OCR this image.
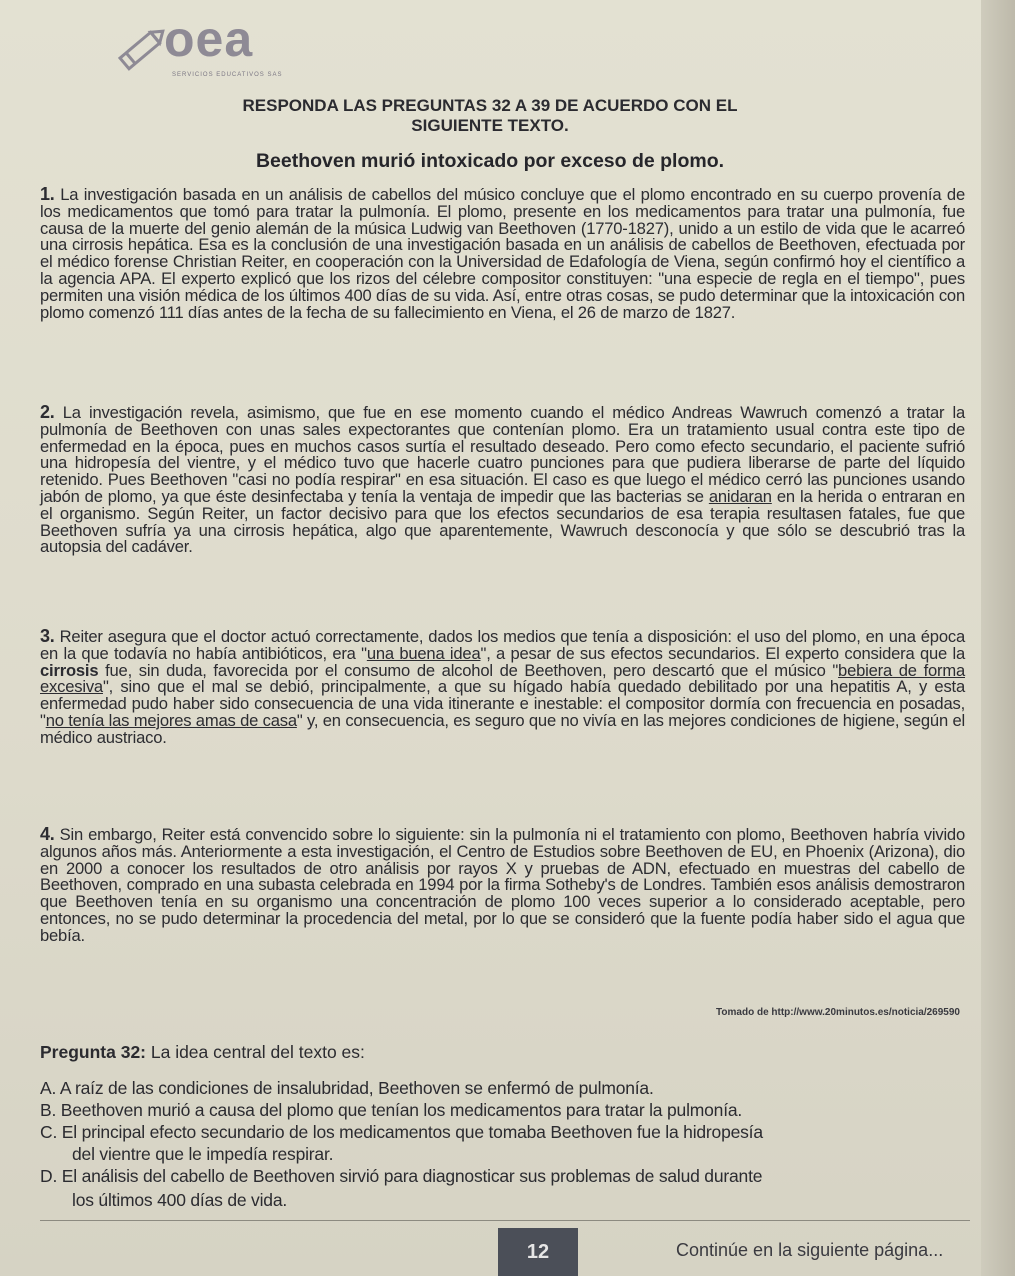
oea
SERVICIOS EDUCATIVOS SAS
RESPONDA LAS PREGUNTAS 32 A 39 DE ACUERDO CON EL
SIGUIENTE TEXTO.
Beethoven murió intoxicado por exceso de plomo.
1. La investigación basada en un análisis de cabellos del músico concluye que el plomo encontrado en su cuerpo provenía de los medicamentos que tomó para tratar la pulmonía. El plomo, presente en los medicamentos para tratar una pulmonía, fue causa de la muerte del genio alemán de la música Ludwig van Beethoven (1770-1827), unido a un estilo de vida que le acarreó una cirrosis hepática. Esa es la conclusión de una investigación basada en un análisis de cabellos de Beethoven, efectuada por el médico forense Christian Reiter, en cooperación con la Universidad de Edafología de Viena, según confirmó hoy el científico a la agencia APA. El experto explicó que los rizos del célebre compositor constituyen: "una especie de regla en el tiempo", pues permiten una visión médica de los últimos 400 días de su vida. Así, entre otras cosas, se pudo determinar que la intoxicación con plomo comenzó 111 días antes de la fecha de su fallecimiento en Viena, el 26 de marzo de 1827.
2. La investigación revela, asimismo, que fue en ese momento cuando el médico Andreas Wawruch comenzó a tratar la pulmonía de Beethoven con unas sales expectorantes que contenían plomo. Era un tratamiento usual contra este tipo de enfermedad en la época, pues en muchos casos surtía el resultado deseado. Pero como efecto secundario, el paciente sufrió una hidropesía del vientre, y el médico tuvo que hacerle cuatro punciones para que pudiera liberarse de parte del líquido retenido. Pues Beethoven "casi no podía respirar" en esa situación. El caso es que luego el médico cerró las punciones usando jabón de plomo, ya que éste desinfectaba y tenía la ventaja de impedir que las bacterias se anidaran en la herida o entraran en el organismo. Según Reiter, un factor decisivo para que los efectos secundarios de esa terapia resultasen fatales, fue que Beethoven sufría ya una cirrosis hepática, algo que aparentemente, Wawruch desconocía y que sólo se descubrió tras la autopsia del cadáver.
3. Reiter asegura que el doctor actuó correctamente, dados los medios que tenía a disposición: el uso del plomo, en una época en la que todavía no había antibióticos, era "una buena idea", a pesar de sus efectos secundarios. El experto considera que la cirrosis fue, sin duda, favorecida por el consumo de alcohol de Beethoven, pero descartó que el músico "bebiera de forma excesiva", sino que el mal se debió, principalmente, a que su hígado había quedado debilitado por una hepatitis A, y esta enfermedad pudo haber sido consecuencia de una vida itinerante e inestable: el compositor dormía con frecuencia en posadas, "no tenía las mejores amas de casa" y, en consecuencia, es seguro que no vivía en las mejores condiciones de higiene, según el médico austriaco.
4. Sin embargo, Reiter está convencido sobre lo siguiente: sin la pulmonía ni el tratamiento con plomo, Beethoven habría vivido algunos años más. Anteriormente a esta investigación, el Centro de Estudios sobre Beethoven de EU, en Phoenix (Arizona), dio en 2000 a conocer los resultados de otro análisis por rayos X y pruebas de ADN, efectuado en muestras del cabello de Beethoven, comprado en una subasta celebrada en 1994 por la firma Sotheby's de Londres. También esos análisis demostraron que Beethoven tenía en su organismo una concentración de plomo 100 veces superior a lo considerado aceptable, pero entonces, no se pudo determinar la procedencia del metal, por lo que se consideró que la fuente podía haber sido el agua que bebía.
Tomado de http://www.20minutos.es/noticia/269590
Pregunta 32: La idea central del texto es:
A. A raíz de las condiciones de insalubridad, Beethoven se enfermó de pulmonía.
B. Beethoven murió a causa del plomo que tenían los medicamentos para tratar la pulmonía.
C. El principal efecto secundario de los medicamentos que tomaba Beethoven fue la hidropesía
del vientre que le impedía respirar.
D. El análisis del cabello de Beethoven sirvió para diagnosticar sus problemas de salud durante
los últimos 400 días de vida.
12	Continúe en la siguiente página...
